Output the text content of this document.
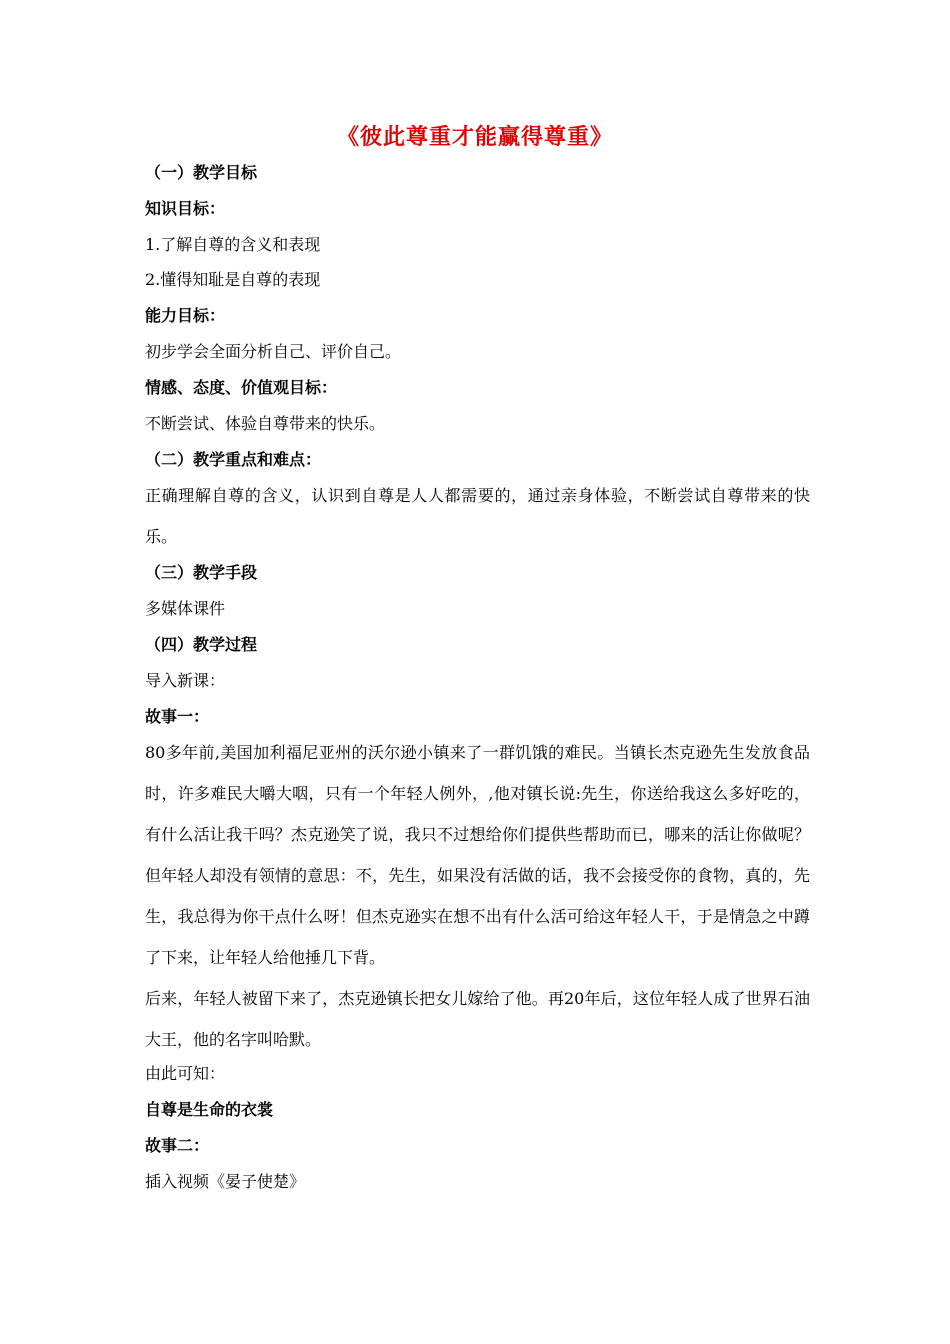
《彼此尊重才能赢得尊重》
（一）教学目标
知识目标：
1.了解自尊的含义和表现
2.懂得知耻是自尊的表现
能力目标：
初步学会全面分析自己、评价自己。
情感、态度、价值观目标：
不断尝试、体验自尊带来的快乐。
（二）教学重点和难点：
正确理解自尊的含义，认识到自尊是人人都需要的，通过亲身体验，不断尝试自尊带来的快乐。
（三）教学手段
多媒体课件
（四）教学过程
导入新课：
故事一：
80多年前,美国加利福尼亚州的沃尔逊小镇来了一群饥饿的难民。当镇长杰克逊先生发放食品时，许多难民大嚼大咽，只有一个年轻人例外，,他对镇长说:先生，你送给我这么多好吃的，有什么活让我干吗？杰克逊笑了说，我只不过想给你们提供些帮助而已，哪来的活让你做呢？但年轻人却没有领情的意思：不，先生，如果没有活做的话，我不会接受你的食物，真的，先生，我总得为你干点什么呀！但杰克逊实在想不出有什么活可给这年轻人干，于是情急之中蹲了下来，让年轻人给他捶几下背。
后来，年轻人被留下来了，杰克逊镇长把女儿嫁给了他。再20年后，这位年轻人成了世界石油大王，他的名字叫哈默。
由此可知：
自尊是生命的衣裳
故事二：
插入视频《晏子使楚》
